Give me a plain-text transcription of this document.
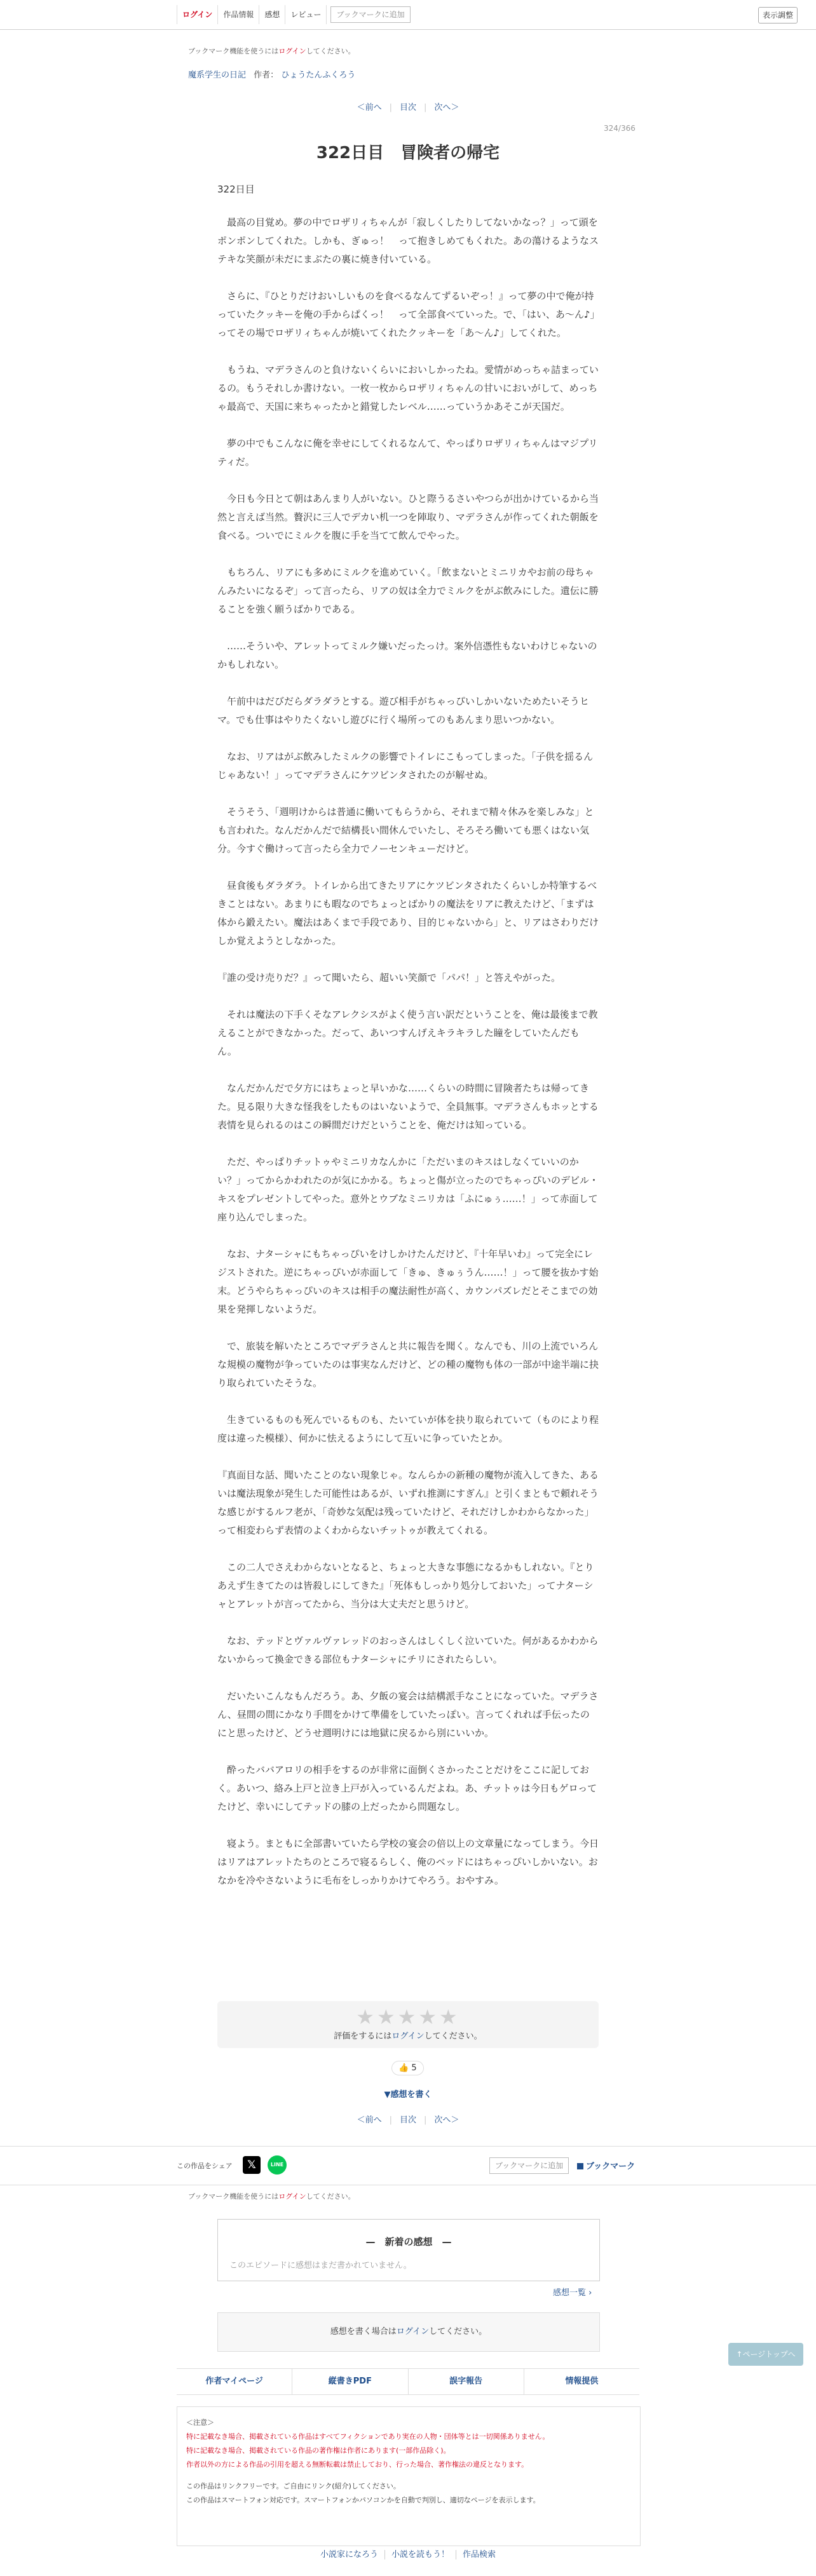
ログイン	作品情報	感想	レビュー	ブックマークに追加	表示調整
ブックマーク機能を使うにはログインしてください。
魔系学生の日記 作者： ひょうたんふくろう
＜前へ | 目次 | 次へ＞
324/366
322日目　冒険者の帰宅
322日目

　最高の目覚め。夢の中でロザリィちゃんが「寂しくしたりしてないかなっ？」って頭をポンポンしてくれた。しかも、ぎゅっ！　って抱きしめてもくれた。あの蕩けるようなステキな笑顔が未だにまぶたの裏に焼き付いている。

　さらに、『ひとりだけおいしいものを食べるなんてずるいぞっ！』って夢の中で俺が持っていたクッキーを俺の手からぱくっ！　って全部食べていった。で、「はい、あ〜ん♪」ってその場でロザリィちゃんが焼いてくれたクッキーを「あ〜ん♪」してくれた。

　もうね、マデラさんのと負けないくらいにおいしかったね。愛情がめっちゃ詰まっているの。もうそれしか書けない。一枚一枚からロザリィちゃんの甘いにおいがして、めっちゃ最高で、天国に来ちゃったかと錯覚したレベル……っていうかあそこが天国だ。

　夢の中でもこんなに俺を幸せにしてくれるなんて、やっぱりロザリィちゃんはマジプリティだ。

　今日も今日とて朝はあんまり人がいない。ひと際うるさいやつらが出かけているから当然と言えば当然。贅沢に三人でデカい机一つを陣取り、マデラさんが作ってくれた朝飯を食べる。ついでにミルクを腹に手を当てて飲んでやった。

　もちろん、リアにも多めにミルクを進めていく。「飲まないとミニリカやお前の母ちゃんみたいになるぞ」って言ったら、リアの奴は全力でミルクをがぶ飲みにした。遺伝に勝ることを強く願うばかりである。

　……そういや、アレットってミルク嫌いだったっけ。案外信憑性もないわけじゃないのかもしれない。

　午前中はだびだらダラダラとする。遊び相手がちゃっぴいしかいないためたいそうヒマ。でも仕事はやりたくないし遊びに行く場所ってのもあんまり思いつかない。

　なお、リアはがぶ飲みしたミルクの影響でトイレにこもってしまった。「子供を揺るんじゃあない！」ってマデラさんにケツビンタされたのが解せぬ。

　そうそう、「週明けからは普通に働いてもらうから、それまで精々休みを楽しみな」とも言われた。なんだかんだで結構長い間休んでいたし、そろそろ働いても悪くはない気分。今すぐ働けって言ったら全力でノーセンキューだけど。

　昼食後もダラダラ。トイレから出てきたリアにケツビンタされたくらいしか特筆するべきことはない。あまりにも暇なのでちょっとばかりの魔法をリアに教えたけど、「まずは体から鍛えたい。魔法はあくまで手段であり、目的じゃないから」と、リアはさわりだけしか覚えようとしなかった。

『誰の受け売りだ？』って聞いたら、超いい笑顔で「パパ！」と答えやがった。

　それは魔法の下手くそなアレクシスがよく使う言い訳だということを、俺は最後まで教えることができなかった。だって、あいつすんげえキラキラした瞳をしていたんだもん。

　なんだかんだで夕方にはちょっと早いかな……くらいの時間に冒険者たちは帰ってきた。見る限り大きな怪我をしたものはいないようで、全員無事。マデラさんもホッとする表情を見られるのはこの瞬間だけだということを、俺だけは知っている。

　ただ、やっぱりチットゥやミニリカなんかに「ただいまのキスはしなくていいのかい？」ってからかわれたのが気にかかる。ちょっと傷が立ったのでちゃっぴいのデビル・キスをプレゼントしてやった。意外とウブなミニリカは「ふにゅぅ……！」って赤面して座り込んでしまった。

　なお、ナターシャにもちゃっぴいをけしかけたんだけど、『十年早いわ』って完全にレジストされた。逆にちゃっぴいが赤面して「きゅ、きゅぅうん……！」って腰を抜かす始末。どうやらちゃっぴいのキスは相手の魔法耐性が高く、カウンパズレだとそこまでの効果を発揮しないようだ。

　で、旅装を解いたところでマデラさんと共に報告を聞く。なんでも、川の上流でいろんな規模の魔物が争っていたのは事実なんだけど、どの種の魔物も体の一部が中途半端に抉り取られていたそうな。

　生きているものも死んでいるものも、たいていが体を抉り取られていて（ものにより程度は違った模様）、何かに怯えるようにして互いに争っていたとか。

『真面目な話、聞いたことのない現象じゃ。なんらかの新種の魔物が流入してきた、あるいは魔法現象が発生した可能性はあるが、いずれ推測にすぎん』と引くまともで頼れそうな感じがするルフ老が、「奇妙な気配は残っていたけど、それだけしかわからなかった」って相変わらず表情のよくわからないチットゥが教えてくれる。

　この二人でさえわからないとなると、ちょっと大きな事態になるかもしれない。『とりあえず生きてたのは皆殺しにしてきた』「死体もしっかり処分しておいた」ってナターシャとアレットが言ってたから、当分は大丈夫だと思うけど。

　なお、テッドとヴァルヴァレッドのおっさんはしくしく泣いていた。何があるかわからないからって換金できる部位もナターシャにチリにされたらしい。

　だいたいこんなもんだろう。あ、夕飯の宴会は結構派手なことになっていた。マデラさん、昼間の間にかなり手間をかけて準備をしていたっぽい。言ってくれれば手伝ったのにと思ったけど、どうせ週明けには地獄に戻るから別にいいか。

　酔ったババアロリの相手をするのが非常に面倒くさかったことだけをここに記しておく。あいつ、絡み上戸と泣き上戸が入っているんだよね。あ、チットゥは今日もゲロってたけど、幸いにしてテッドの膝の上だったから問題なし。

　寝よう。まともに全部書いていたら学校の宴会の倍以上の文章量になってしまう。今日はリアはアレットたちのところで寝るらしく、俺のベッドにはちゃっぴいしかいない。おなかを冷やさないように毛布をしっかりかけてやろう。おやすみ。

★★★★★
評価をするにはログインしてください。
👍 5
▼感想を書く
＜前へ | 目次 | 次へ＞
この作品をシェア	𝕏	LINE	ブックマークに追加	ブックマーク
ブックマーク機能を使うにはログインしてください。
—　新着の感想　—
このエピソードに感想はまだ書かれていません。
感想一覧 ›
感想を書く場合はログインしてください。
↑ページトップへ
作者マイページ	縦書きPDF	誤字報告	情報提供
＜注意＞
特に記載なき場合、掲載されている作品はすべてフィクションであり実在の人物・団体等とは一切関係ありません。
特に記載なき場合、掲載されている作品の著作権は作者にあります(一部作品除く)。
作者以外の方による作品の引用を超える無断転載は禁止しており、行った場合、著作権法の違反となります。
この作品はリンクフリーです。ご自由にリンク(紹介)してください。
この作品はスマートフォン対応です。スマートフォンかパソコンかを自動で判別し、適切なページを表示します。
小説家になろう 小説を読もう！ 作品検索
